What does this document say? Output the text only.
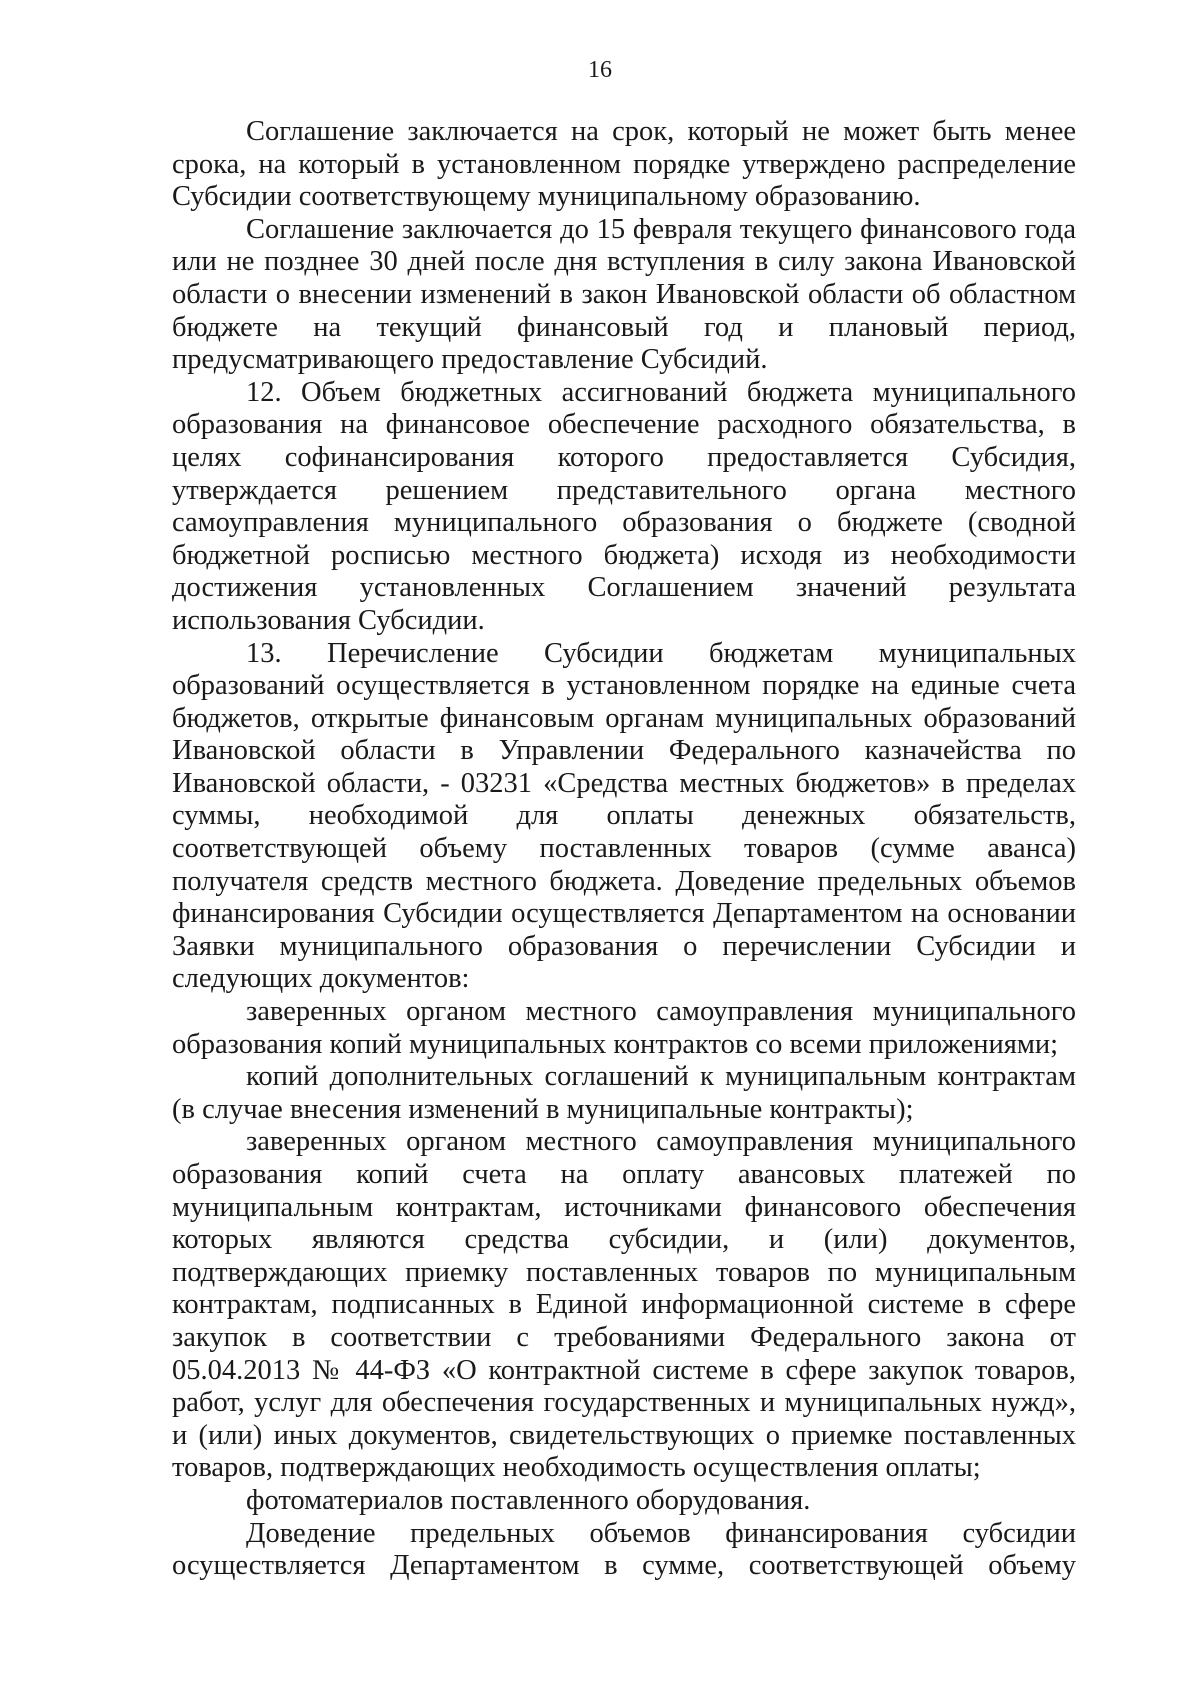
16

Соглашение заключается на срок, который не может быть менее срока, на который в установленном порядке утверждено распределение Субсидии соответствующему муниципальному образованию.

Соглашение заключается до 15 февраля текущего финансового года или не позднее 30 дней после дня вступления в силу закона Ивановской области о внесении изменений в закон Ивановской области об областном бюджете на текущий финансовый год и плановый период, предусматривающего предоставление Субсидий.

12. Объем бюджетных ассигнований бюджета муниципального образования на финансовое обеспечение расходного обязательства, в целях софинансирования которого предоставляется Субсидия, утверждается решением представительного органа местного самоуправления муниципального образования о бюджете (сводной бюджетной росписью местного бюджета) исходя из необходимости достижения установленных Соглашением значений результата использования Субсидии.

13. Перечисление Субсидии бюджетам муниципальных образований осуществляется в установленном порядке на единые счета бюджетов, открытые финансовым органам муниципальных образований Ивановской области в Управлении Федерального казначейства по Ивановской области, - 03231 «Средства местных бюджетов» в пределах суммы, необходимой для оплаты денежных обязательств, соответствующей объему поставленных товаров (сумме аванса) получателя средств местного бюджета. Доведение предельных объемов финансирования Субсидии осуществляется Департаментом на основании Заявки муниципального образования о перечислении Субсидии и следующих документов:

заверенных органом местного самоуправления муниципального образования копий муниципальных контрактов со всеми приложениями;

копий дополнительных соглашений к муниципальным контрактам (в случае внесения изменений в муниципальные контракты);

заверенных органом местного самоуправления муниципального образования копий счета на оплату авансовых платежей по муниципальным контрактам, источниками финансового обеспечения которых являются средства субсидии, и (или) документов, подтверждающих приемку поставленных товаров по муниципальным контрактам, подписанных в Единой информационной системе в сфере закупок в соответствии с требованиями Федерального закона от 05.04.2013 № 44-ФЗ «О контрактной системе в сфере закупок товаров, работ, услуг для обеспечения государственных и муниципальных нужд», и (или) иных документов, свидетельствующих о приемке поставленных товаров, подтверждающих необходимость осуществления оплаты;

фотоматериалов поставленного оборудования.

Доведение предельных объемов финансирования субсидии осуществляется Департаментом в сумме, соответствующей объему
